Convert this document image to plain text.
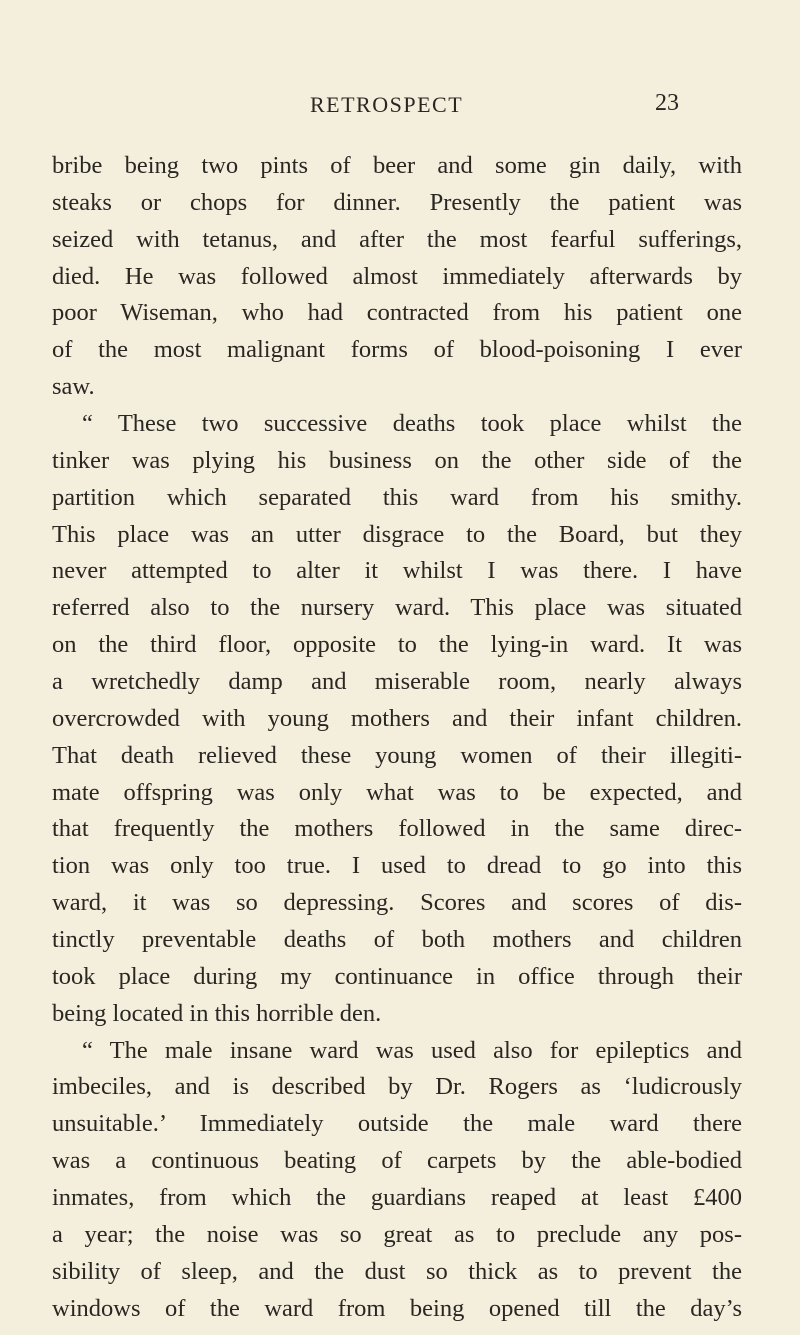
RETROSPECT	23
bribe being two pints of beer and some gin daily, with
steaks or chops for dinner. Presently the patient was
seized with tetanus, and after the most fearful sufferings,
died. He was followed almost immediately afterwards by
poor Wiseman, who had contracted from his patient one
of the most malignant forms of blood-poisoning I ever
saw.
“ These two successive deaths took place whilst the
tinker was plying his business on the other side of the
partition which separated this ward from his smithy.
This place was an utter disgrace to the Board, but they
never attempted to alter it whilst I was there. I have
referred also to the nursery ward. This place was situated
on the third floor, opposite to the lying-in ward. It was
a wretchedly damp and miserable room, nearly always
overcrowded with young mothers and their infant children.
That death relieved these young women of their illegiti-
mate offspring was only what was to be expected, and
that frequently the mothers followed in the same direc-
tion was only too true. I used to dread to go into this
ward, it was so depressing. Scores and scores of dis-
tinctly preventable deaths of both mothers and children
took place during my continuance in office through their
being located in this horrible den.
“ The male insane ward was used also for epileptics and
imbeciles, and is described by Dr. Rogers as ‘ludicrously
unsuitable.’ Immediately outside the male ward there
was a continuous beating of carpets by the able-bodied
inmates, from which the guardians reaped at least £400
a year; the noise was so great as to preclude any pos-
sibility of sleep, and the dust so thick as to prevent the
windows of the ward from being opened till the day’s
